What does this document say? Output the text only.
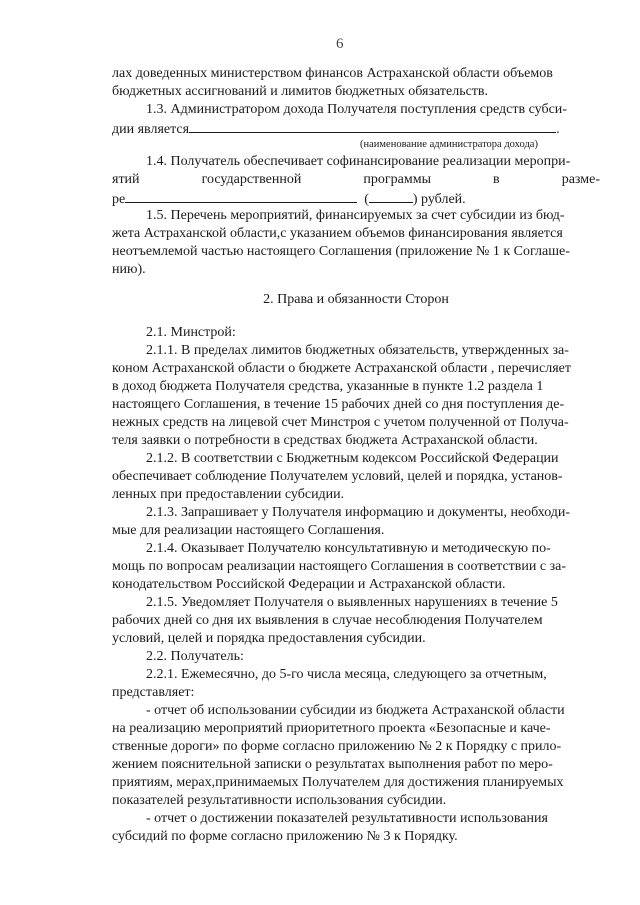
6
лах доведенных министерством финансов Астраханской области объемов
бюджетных ассигнований и лимитов бюджетных обязательств.
1.3. Администратором дохода Получателя поступления средств субси-
дии является	.
(наименование администратора дохода)
1.4. Получатель обеспечивает софинансирование реализации меропри-
ятий	государственной	программы	в	разме-
ре	(	) рублей.
1.5. Перечень мероприятий, финансируемых за счет субсидии из бюд-
жета Астраханской области,с указанием объемов финансирования является
неотъемлемой частью настоящего Соглашения (приложение № 1 к Соглаше-
нию).
2. Права и обязанности Сторон
2.1. Минстрой:
2.1.1. В пределах лимитов бюджетных обязательств, утвержденных за-
коном Астраханской области о бюджете Астраханской области , перечисляет
в доход бюджета Получателя средства, указанные в пункте 1.2 раздела 1
настоящего Соглашения, в течение 15 рабочих дней со дня поступления де-
нежных средств на лицевой счет Минстроя с учетом полученной от Получа-
теля заявки о потребности в средствах бюджета Астраханской области.
2.1.2. В соответствии с Бюджетным кодексом Российской Федерации
обеспечивает соблюдение Получателем условий, целей и порядка, установ-
ленных при предоставлении субсидии.
2.1.3. Запрашивает у Получателя информацию и документы, необходи-
мые для реализации настоящего Соглашения.
2.1.4. Оказывает Получателю консультативную и методическую по-
мощь по вопросам реализации настоящего Соглашения в соответствии с за-
конодательством Российской Федерации и Астраханской области.
2.1.5. Уведомляет Получателя о выявленных нарушениях в течение 5
рабочих дней со дня их выявления в случае несоблюдения Получателем
условий, целей и порядка предоставления субсидии.
2.2. Получатель:
2.2.1. Ежемесячно, до 5-го числа месяца, следующего за отчетным,
представляет:
- отчет об использовании субсидии из бюджета Астраханской области
на реализацию мероприятий приоритетного проекта «Безопасные и каче-
ственные дороги» по форме согласно приложению № 2 к Порядку с прило-
жением пояснительной записки о результатах выполнения работ по меро-
приятиям, мерах,принимаемых Получателем для достижения планируемых
показателей результативности использования субсидии.
- отчет о достижении показателей результативности использования
субсидий по форме согласно приложению № 3 к Порядку.
